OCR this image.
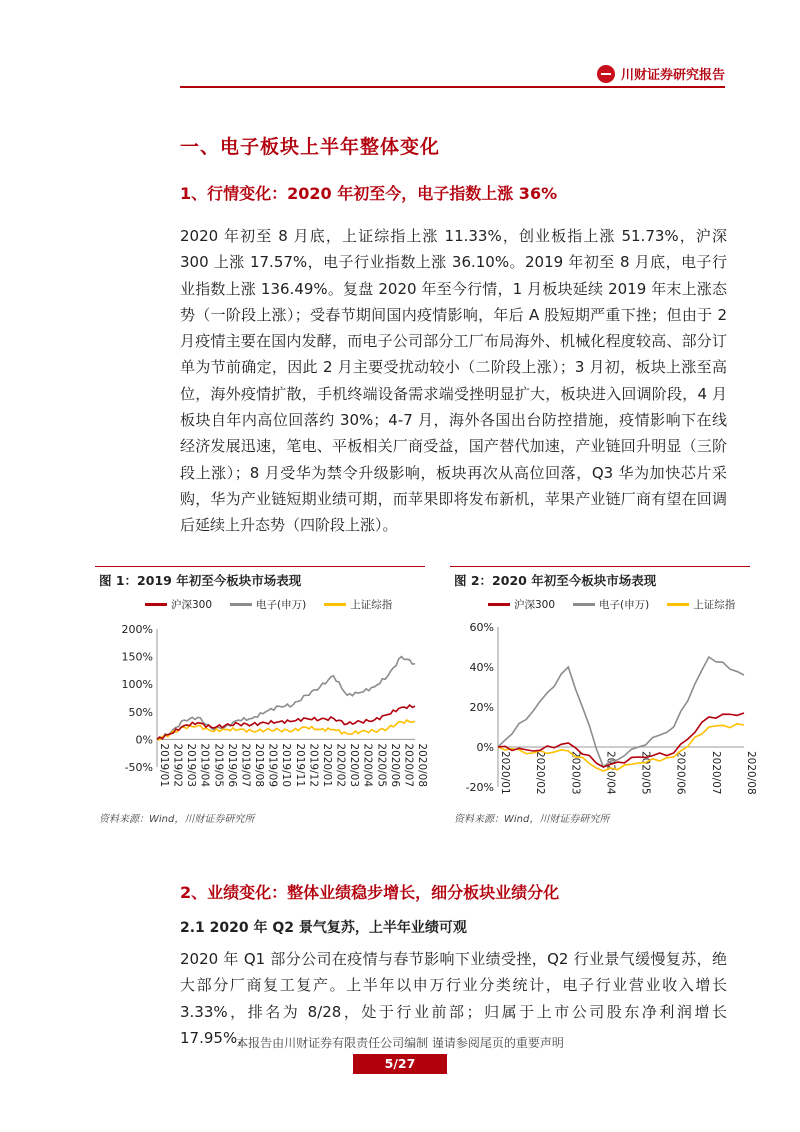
川财证券研究报告
一、电子板块上半年整体变化
1、行情变化：2020 年初至今，电子指数上涨 36%

2020 年初至 8 月底，上证综指上涨 11.33%，创业板指上涨 51.73%，沪深 300 上涨 17.57%，电子行业指数上涨 36.10%。2019 年初至 8 月底，电子行业指数上涨 136.49%。复盘 2020 年至今行情，1 月板块延续 2019 年末上涨态势（一阶段上涨）；受春节期间国内疫情影响，年后 A 股短期严重下挫；但由于 2 月疫情主要在国内发酵，而电子公司部分工厂布局海外、机械化程度较高、部分订单为节前确定，因此 2 月主要受扰动较小（二阶段上涨）；3 月初，板块上涨至高位，海外疫情扩散，手机终端设备需求端受挫明显扩大，板块进入回调阶段，4 月板块自年内高位回落约 30%；4-7 月，海外各国出台防控措施，疫情影响下在线经济发展迅速，笔电、平板相关厂商受益，国产替代加速，产业链回升明显（三阶段上涨）；8 月受华为禁令升级影响，板块再次从高位回落，Q3 华为加快芯片采购，华为产业链短期业绩可期，而苹果即将发布新机，苹果产业链厂商有望在回调后延续上升态势（四阶段上涨）。

图 1：2019 年初至今板块市场表现
沪深300	电子(申万)	上证综指
-50%
0%
50%
100%
150%
200%
2019/01 2019/02 2019/03 2019/04 2019/05 2019/06 2019/07 2019/08 2019/09 2019/10 2019/11 2019/12 2020/01 2020/02 2020/03 2020/04 2020/05 2020/06 2020/07 2020/08
资料来源：Wind，川财证券研究所
图 2：2020 年初至今板块市场表现
沪深300	电子(申万)	上证综指
-20%
0%
20%
40%
60%
2020/01 2020/02 2020/03 2020/04 2020/05 2020/06 2020/07 2020/08
资料来源：Wind，川财证券研究所
2、业绩变化：整体业绩稳步增长，细分板块业绩分化
2.1 2020 年 Q2 景气复苏，上半年业绩可观

2020 年 Q1 部分公司在疫情与春节影响下业绩受挫，Q2 行业景气缓慢复苏，绝大部分厂商复工复产。上半年以申万行业分类统计，电子行业营业收入增长 3.33%，排名为 8/28，处于行业前部；归属于上市公司股东净利润增长 17.95%，

本报告由川财证券有限责任公司编制 谨请参阅尾页的重要声明
5/27
